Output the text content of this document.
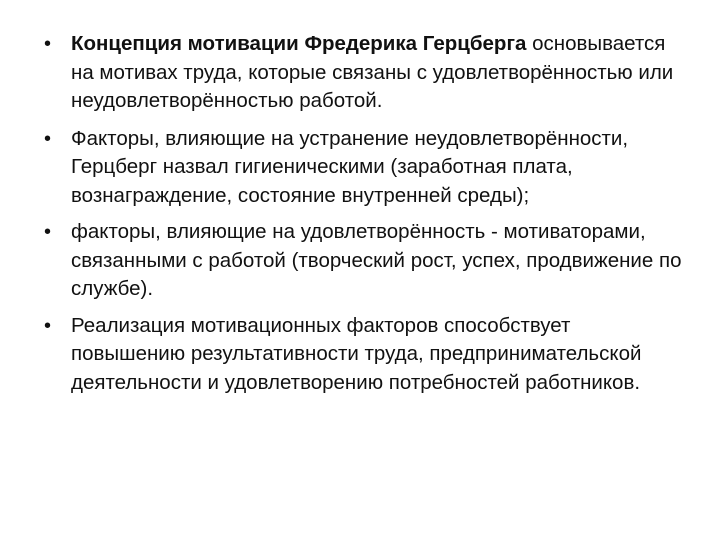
• Концепция мотивации Фредерика Герцберга основывается на мотивах труда, которые связаны с удовлетворённостью или неудовлетворённостью работой.
• Факторы, влияющие на устранение неудовлетворённости, Герцберг назвал гигиеническими (заработная плата, вознаграждение, состояние внутренней среды);
• факторы, влияющие на удовлетворённость - мотиваторами, связанными с работой (творческий рост, успех, продвижение по службе).
• Реализация мотивационных факторов способствует повышению результативности труда, предпринимательской деятельности и удовлетворению потребностей работников.
